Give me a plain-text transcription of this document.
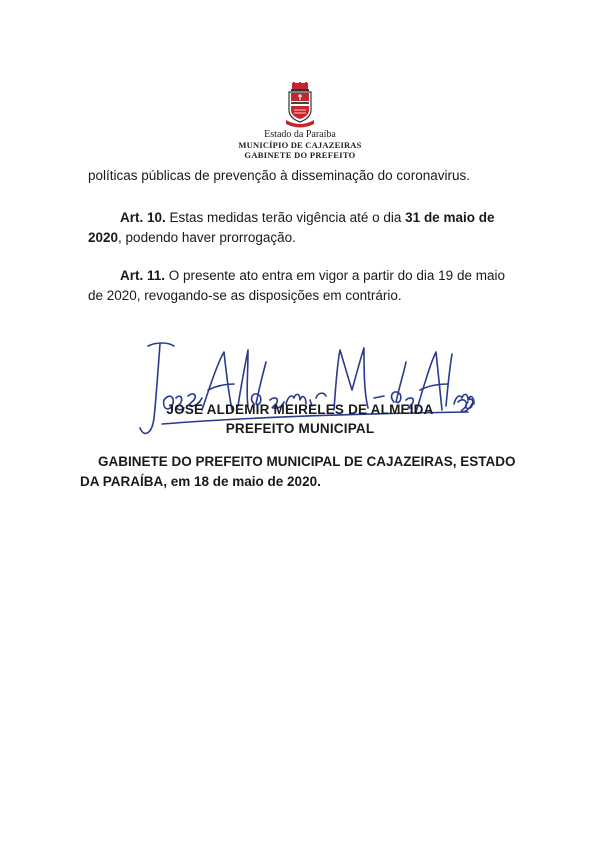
Estado da Paraíba
MUNICÍPIO DE CAJAZEIRAS
GABINETE DO PREFEITO
políticas públicas de prevenção à disseminação do coronavirus.
Art. 10. Estas medidas terão vigência até o dia 31 de maio de 2020, podendo haver prorrogação.
Art. 11. O presente ato entra em vigor a partir do dia 19 de maio de 2020, revogando-se as disposições em contrário.
JOSÉ ALDEMIR MEIRELES DE ALMEIDA
PREFEITO MUNICIPAL
GABINETE DO PREFEITO MUNICIPAL DE CAJAZEIRAS, ESTADO DA PARAÍBA, em 18 de maio de 2020.
